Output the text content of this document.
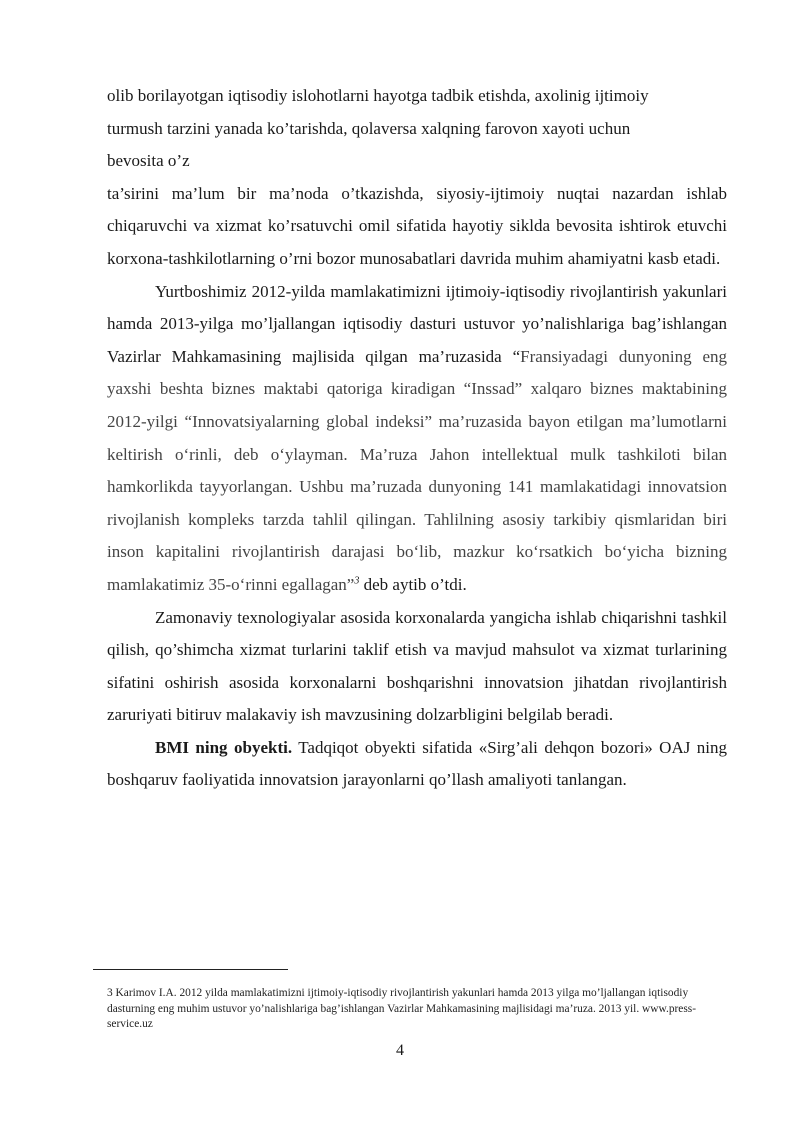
olib borilayotgan iqtisodiy islohotlarni hayotga tadbik etishda, axolinig ijtimoiy
turmush tarzini yanada ko’tarishda, qolaversa xalqning farovon xayoti uchun
bevosita o’z

ta’sirini ma’lum bir ma’noda o’tkazishda, siyosiy-ijtimoiy nuqtai nazardan ishlab chiqaruvchi va xizmat ko’rsatuvchi omil sifatida hayotiy siklda bevosita ishtirok etuvchi korxona-tashkilotlarning o’rni bozor munosabatlari davrida muhim ahamiyatni kasb etadi.

Yurtboshimiz 2012-yilda mamlakatimizni ijtimoiy-iqtisodiy rivojlantirish yakunlari hamda 2013-yilga mo’ljallangan iqtisodiy dasturi ustuvor yo’nalishlariga bag’ishlangan Vazirlar Mahkamasining majlisida qilgan ma’ruzasida “Fransiyadagi dunyoning eng yaxshi beshta biznes maktabi qatoriga kiradigan “Inssad” xalqaro biznes maktabining 2012-yilgi “Innovatsiyalarning global indeksi” ma’ruzasida bayon etilgan ma’lumotlarni keltirish o‘rinli, deb o‘ylayman. Ma’ruza Jahon intellektual mulk tashkiloti bilan hamkorlikda tayyorlangan. Ushbu ma’ruzada dunyoning 141 mamlakatidagi innovatsion rivojlanish kompleks tarzda tahlil qilingan. Tahlilning asosiy tarkibiy qismlaridan biri inson kapitalini rivojlantirish darajasi bo‘lib, mazkur ko‘rsatkich bo‘yicha bizning mamlakatimiz 35-o‘rinni egallagan”$^3$ deb aytib o’tdi.

Zamonaviy texnologiyalar asosida korxonalarda yangicha ishlab chiqarishni tashkil qilish, qo’shimcha xizmat turlarini taklif etish va mavjud mahsulot va xizmat turlarining sifatini oshirish asosida korxonalarni boshqarishni innovatsion jihatdan rivojlantirish zaruriyati bitiruv malakaviy ish mavzusining dolzarbligini belgilab beradi.

BMI ning obyekti. Tadqiqot obyekti sifatida «Sirg’ali dehqon bozori» OAJ ning boshqaruv faoliyatida innovatsion jarayonlarni qo’llash amaliyoti tanlangan.

3 Karimov I.A. 2012 yilda mamlakatimizni ijtimoiy-iqtisodiy rivojlantirish yakunlari hamda 2013 yilga mo’ljallangan iqtisodiy dasturning eng muhim ustuvor yo’nalishlariga bag’ishlangan Vazirlar Mahkamasining majlisidagi ma’ruza. 2013 yil. www.press-service.uz

4
